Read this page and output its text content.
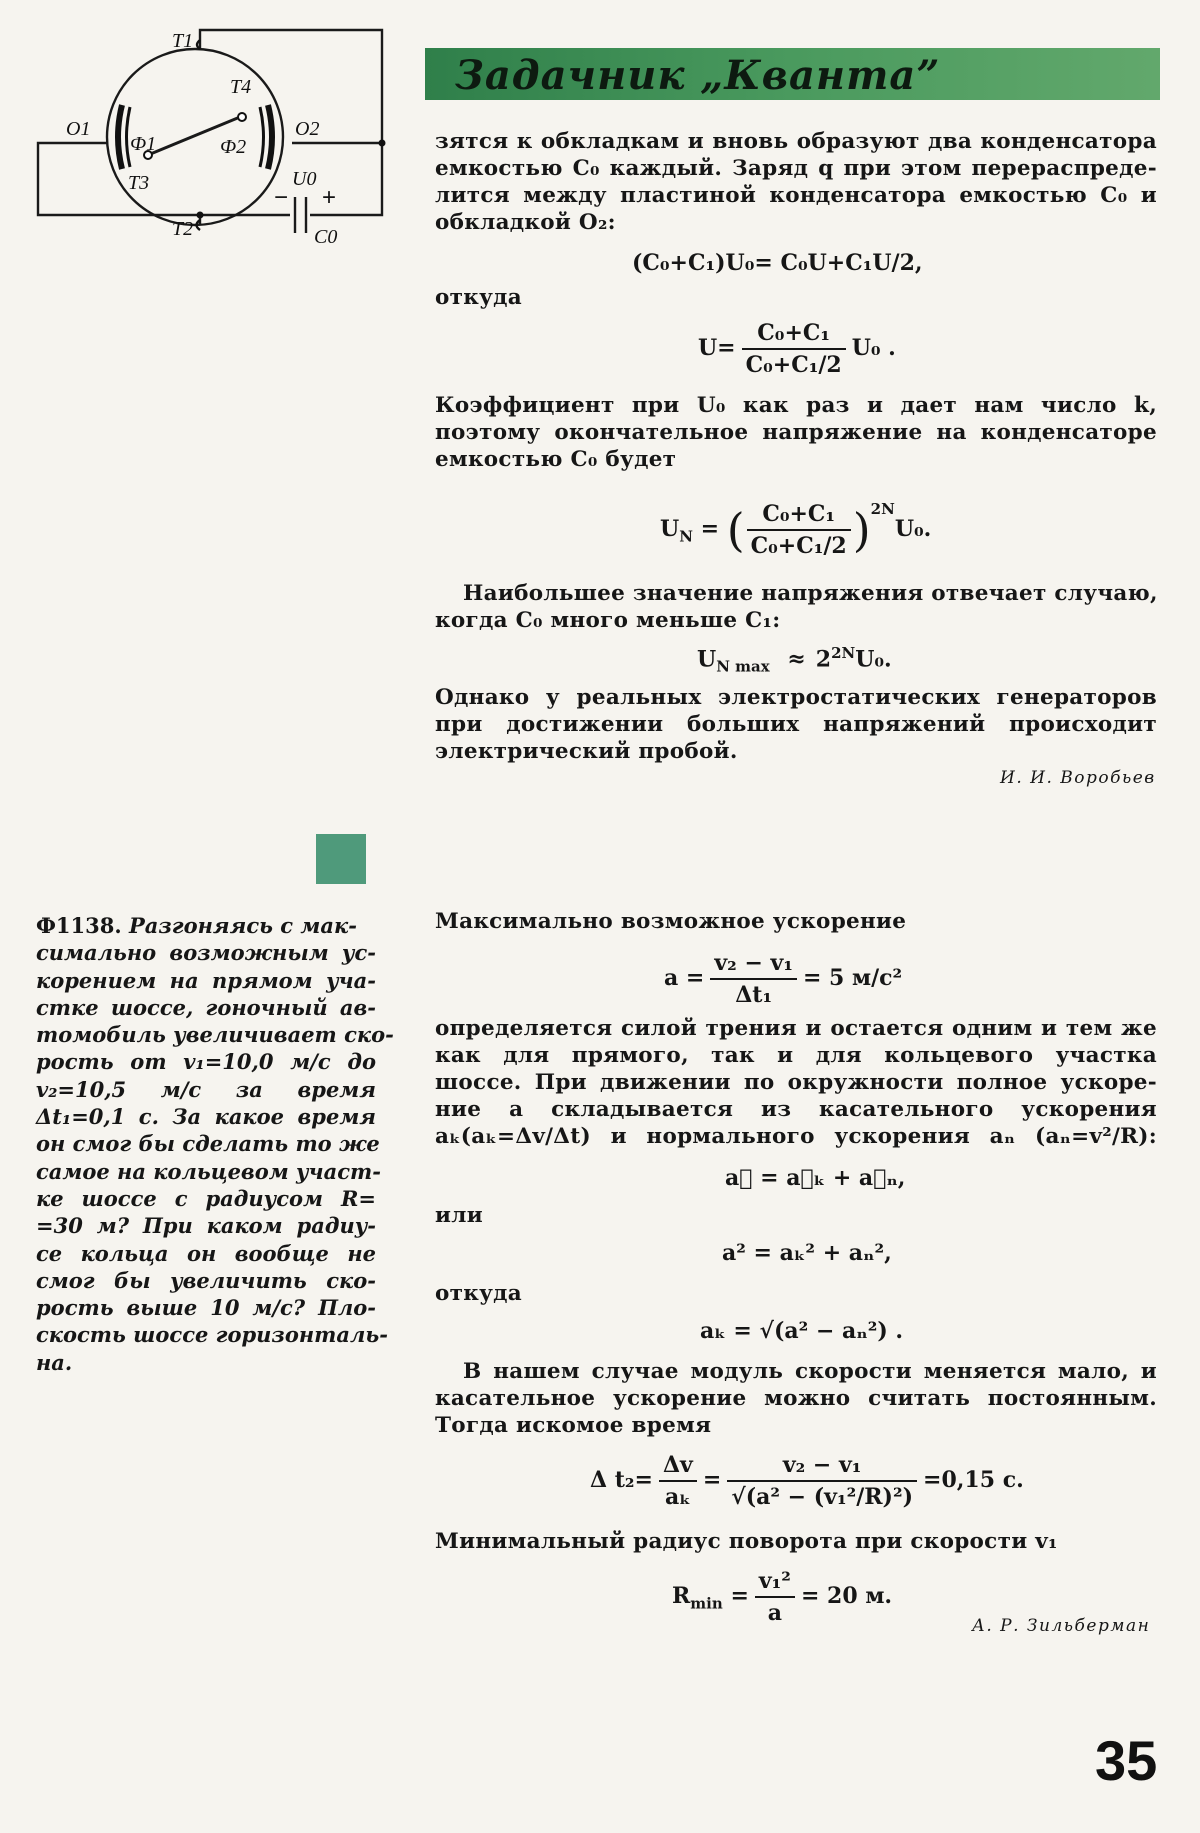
T1
T2
T3
T4
O1	O2
Ф1	Ф2
U0
C0
− +
Задачник „Кванта”
зятся к обкладкам и вновь образуют два конденсатора
емкостью C₀ каждый. Заряд q при этом перераспреде-
лится между пластиной конденсатора емкостью C₀ и
обкладкой O₂:
(C₀+C₁)U₀= C₀U+C₁U/2,
откуда
$U= \frac{\text{C₀+C₁}}{\text{C₀+C₁/2}} U_0$ .
Коэффициент при U₀ как раз и дает нам число k,
поэтому окончательное напряжение на конденсаторе
емкостью C₀ будет
$U_N$ = ( $\frac{\text{C₀+C₁}}{\text{C₀+C₁/2}} )^{2N}U_0$.
Наибольшее значение напряжения отвечает случаю,
когда C₀ много меньше C₁:
$U_{N max} \approx 2^{2N}U_0$.
Однако у реальных электростатических генераторов
при достижении больших напряжений происходит
электрический пробой.
И. И. Воробьев
Ф1138. Разгоняясь с мак-
симально возможным ус-
корением на прямом уча-
стке шоссе, гоночный ав-
томобиль увеличивает ско-
рость от v₁=10,0 м/с до
v₂=10,5 м/с за время
Δt₁=0,1 с. За какое время
он смог бы сделать то же
самое на кольцевом участ-
ке шоссе с радиусом R=
=30 м? При каком радиу-
се кольца он вообще не
смог бы увеличить ско-
рость выше 10 м/с? Пло-
скость шоссе горизонталь-
на.
Максимально возможное ускорение
$a = \frac{\text{v₂ − v₁}}{\text{Δt₁}} = 5$ м/с²
определяется силой трения и остается одним и тем же
как для прямого, так и для кольцевого участка
шоссе. При движении по окружности полное ускоре-
ние a складывается из касательного ускорения
aₖ(aₖ=Δv/Δt) и нормального ускорения aₙ (aₙ=v²/R):
a⃗ = a⃗ₖ + a⃗ₙ,
или
a² = aₖ² + aₙ²,
откуда
aₖ = √(a² − aₙ²) .
В нашем случае модуль скорости меняется мало, и
касательное ускорение можно считать постоянным.
Тогда искомое время
Δ $t_2= \frac{\Delta v}{\text{aₖ}} = \frac{\text{v₂ − v₁}}{\text{√(a² − (v₁²/R)²)}} =0,15$ с.
Минимальный радиус поворота при скорости v₁
$R_{min} = \frac{\text{v₁²}}{a} = 20$ м.
А. Р. Зильберман
35
